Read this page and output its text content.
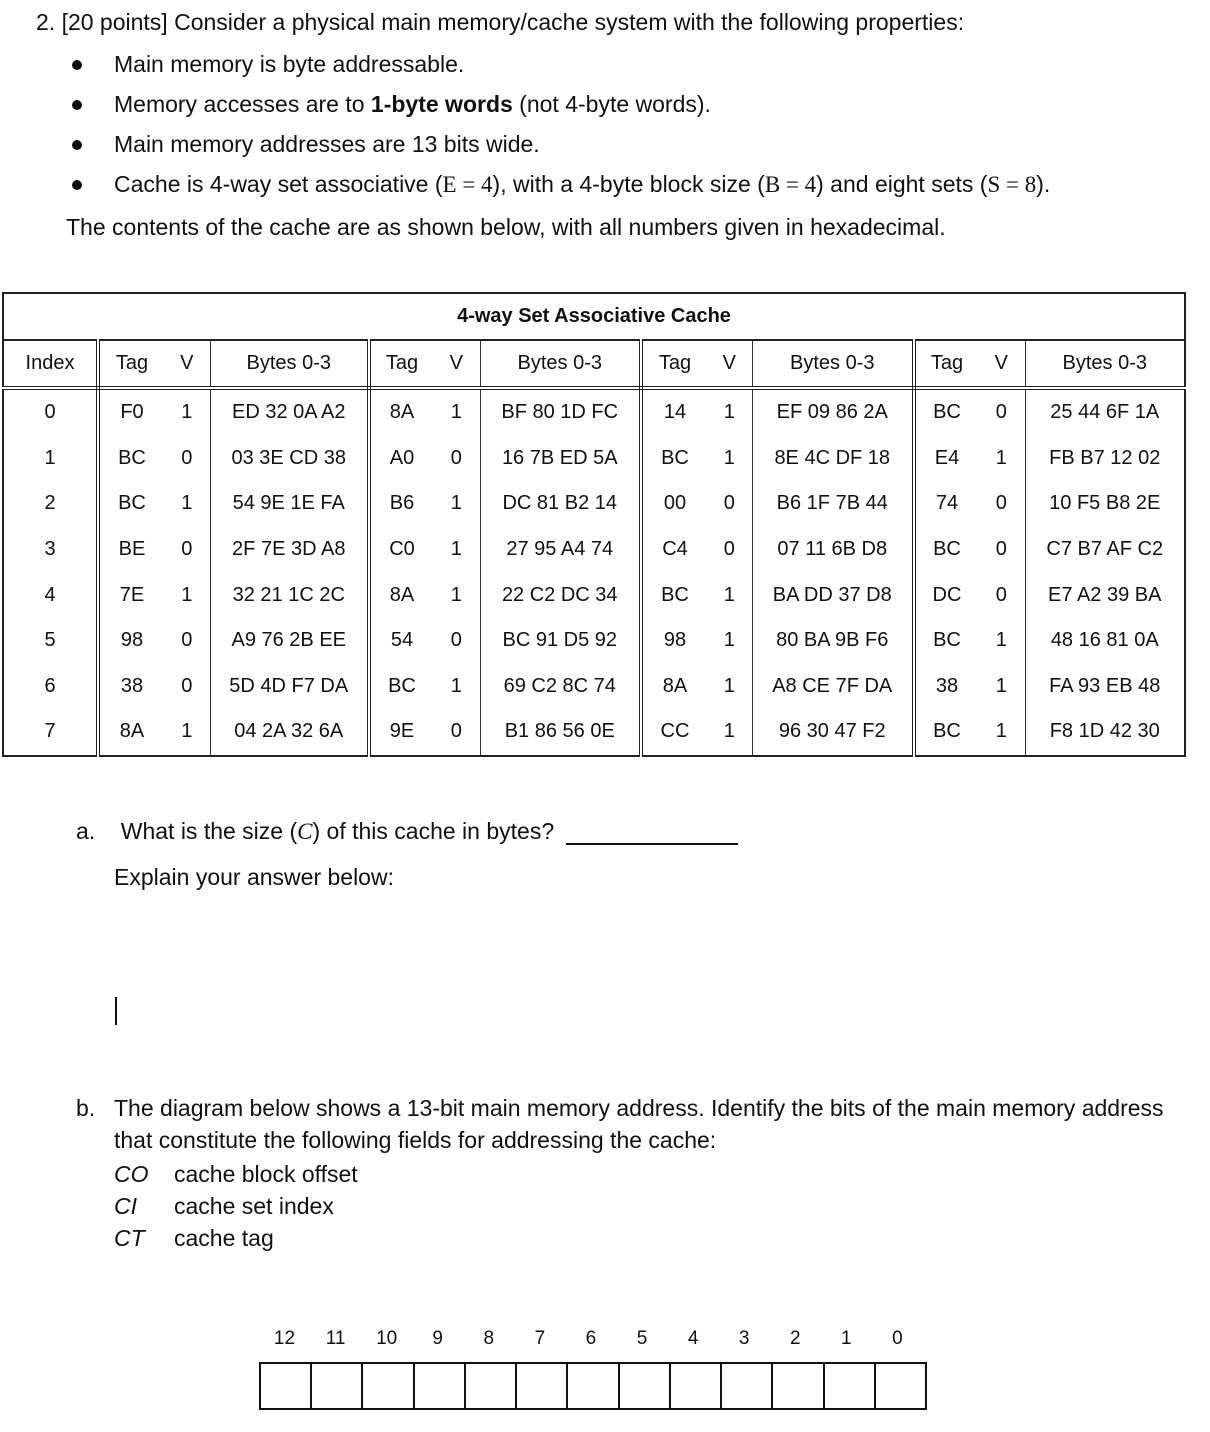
2. [20 points] Consider a physical main memory/cache system with the following properties:
Main memory is byte addressable.
Memory accesses are to 1-byte words (not 4-byte words).
Main memory addresses are 13 bits wide.
Cache is 4-way set associative (E = 4), with a 4-byte block size (B = 4) and eight sets (S = 8).
The contents of the cache are as shown below, with all numbers given in hexadecimal.
4-way Set Associative Cache												
Index	Tag	V	Bytes 0-3	Tag	V	Bytes 0-3	Tag	V	Bytes 0-3	Tag	V	Bytes 0-3
0	F0	1	ED 32 0A A2	8A	1	BF 80 1D FC	14	1	EF 09 86 2A	BC	0	25 44 6F 1A
1	BC	0	03 3E CD 38	A0	0	16 7B ED 5A	BC	1	8E 4C DF 18	E4	1	FB B7 12 02
2	BC	1	54 9E 1E FA	B6	1	DC 81 B2 14	00	0	B6 1F 7B 44	74	0	10 F5 B8 2E
3	BE	0	2F 7E 3D A8	C0	1	27 95 A4 74	C4	0	07 11 6B D8	BC	0	C7 B7 AF C2
4	7E	1	32 21 1C 2C	8A	1	22 C2 DC 34	BC	1	BA DD 37 D8	DC	0	E7 A2 39 BA
5	98	0	A9 76 2B EE	54	0	BC 91 D5 92	98	1	80 BA 9B F6	BC	1	48 16 81 0A
6	38	0	5D 4D F7 DA	BC	1	69 C2 8C 74	8A	1	A8 CE 7F DA	38	1	FA 93 EB 48
7	8A	1	04 2A 32 6A	9E	0	B1 86 56 0E	CC	1	96 30 47 F2	BC	1	F8 1D 42 30
a. What is the size (C) of this cache in bytes?
Explain your answer below:
b. The diagram below shows a 13-bit main memory address. Identify the bits of the main memory address that constitute the following fields for addressing the cache:
CO cache block offset
CI cache set index
CT cache tag
12	11	10	9	8	7	6	5	4	3	2	1	0
